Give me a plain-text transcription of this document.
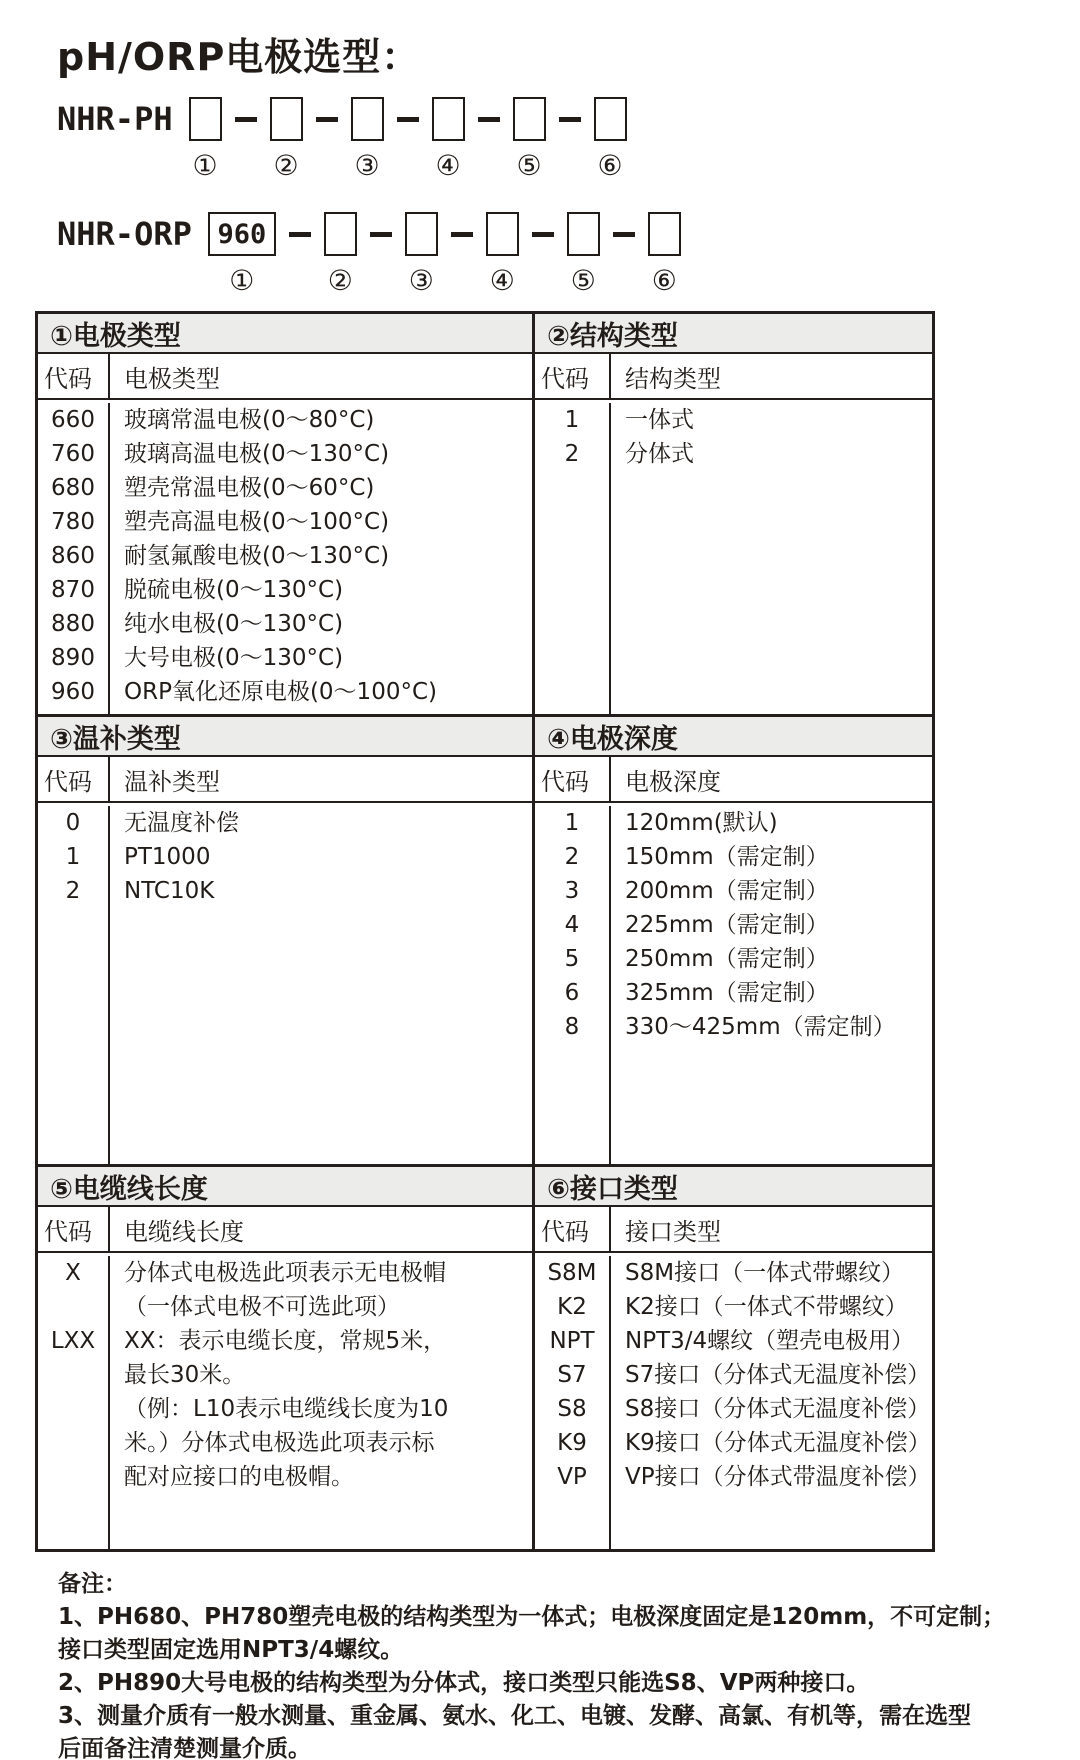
pH/ORP电极选型：
NHR-PH
① ② ③ ④ ⑤ ⑥
NHR-ORP 960
①	② ③ ④ ⑤ ⑥
①电极类型
代码	电极类型
660	玻璃常温电极(0～80°C)
760	玻璃高温电极(0～130°C)
680	塑壳常温电极(0～60°C)
780	塑壳高温电极(0～100°C)
860	耐氢氟酸电极(0～130°C)
870	脱硫电极(0～130°C)
880	纯水电极(0～130°C)
890	大号电极(0～130°C)
960	ORP氧化还原电极(0～100°C)
②结构类型
代码	结构类型
1	一体式
2	分体式
③温补类型
代码	温补类型
0	无温度补偿
1	PT1000
2	NTC10K
④电极深度
代码	电极深度
1	120mm(默认)
2	150mm（需定制）
3	200mm（需定制）
4	225mm（需定制）
5	250mm（需定制）
6	325mm（需定制）
8	330～425mm（需定制）
⑤电缆线长度
代码	电缆线长度
X	分体式电极选此项表示无电极帽
（一体式电极不可选此项）
LXX	XX：表示电缆长度，常规5米，
最长30米。
（例：L10表示电缆线长度为10
米。）分体式电极选此项表示标
配对应接口的电极帽。
⑥接口类型
代码	接口类型
S8M	S8M接口（一体式带螺纹）
K2	K2接口（一体式不带螺纹）
NPT	NPT3/4螺纹（塑壳电极用）
S7	S7接口（分体式无温度补偿）
S8	S8接口（分体式无温度补偿）
K9	K9接口（分体式无温度补偿）
VP	VP接口（分体式带温度补偿）
备注：
1、PH680、PH780塑壳电极的结构类型为一体式；电极深度固定是120mm，不可定制；
接口类型固定选用NPT3/4螺纹。
2、PH890大号电极的结构类型为分体式，接口类型只能选S8、VP两种接口。
3、测量介质有一般水测量、重金属、氨水、化工、电镀、发酵、高氯、有机等，需在选型
后面备注清楚测量介质。
